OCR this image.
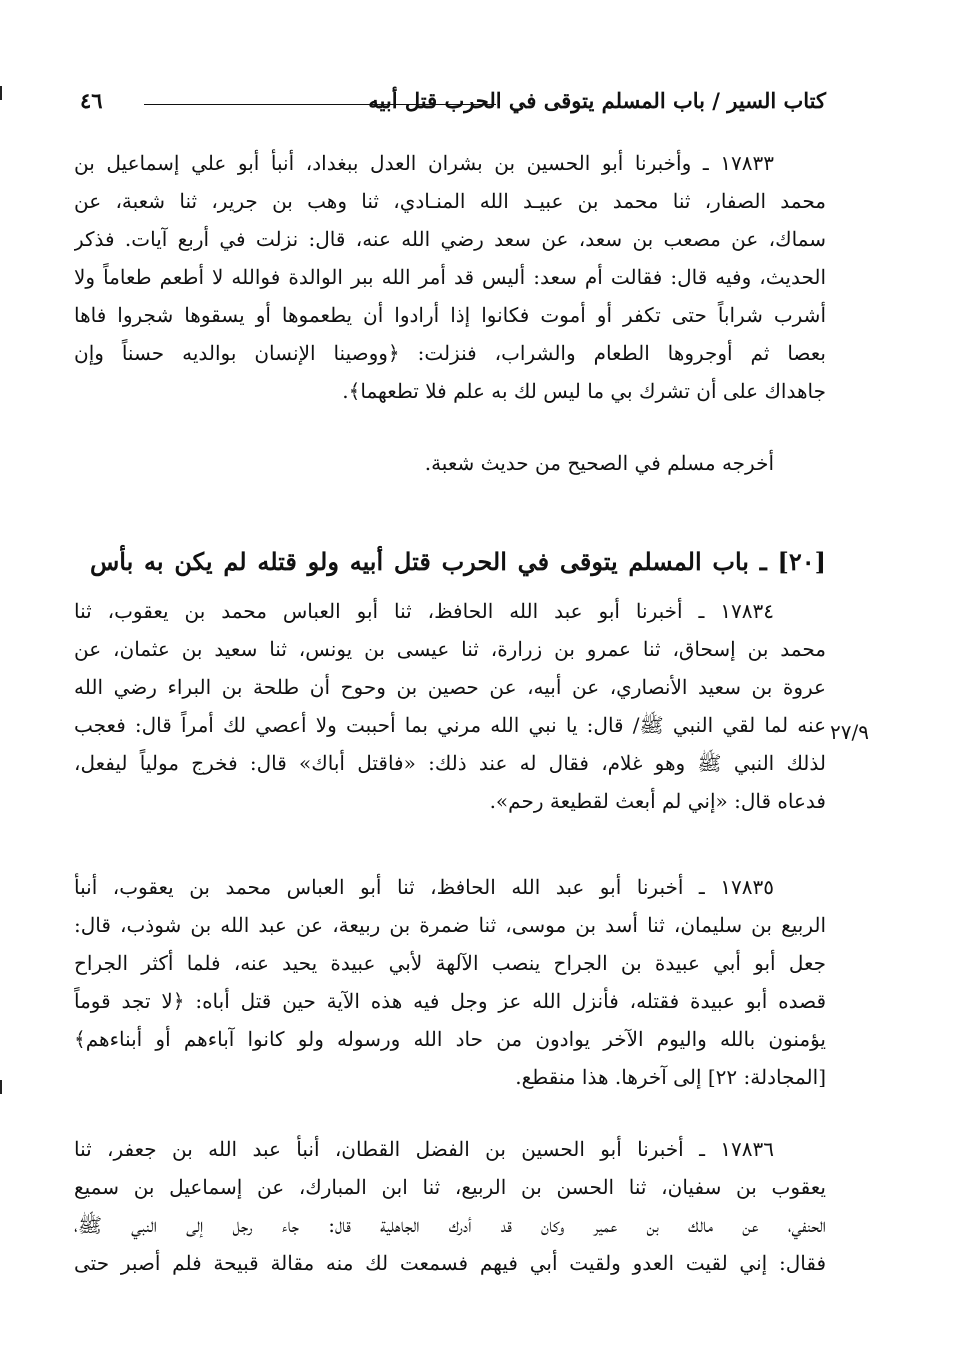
كتاب السير / باب المسلم يتوقى في الحرب قتل أبيه
٤٦
١٧٨٣٣ ـ وأخبرنا أبو الحسين بن بشران العدل ببغداد، أنبأ أبو علي إسماعيل بن
محمد الصفار، ثنا محمد بن عبيـد الله المنـادي، ثنا وهب بن جرير، ثنا شعبة، عن
سماك، عن مصعب بن سعد، عن سعد رضي الله عنه، قال: نزلت في أربع آيات. فذكر
الحديث، وفيه قال: فقالت أم سعد: أليس قد أمر الله ببر الوالدة فوالله لا أطعم طعاماً ولا
أشرب شراباً حتى تكفر أو أموت فكانوا إذا أرادوا أن يطعموها أو يسقوها شجروا فاها
بعصا ثم أوجروها الطعام والشراب، فنزلت: ﴿ووصينا الإنسان بوالديه حسناً وإن
جاهداك على أن تشرك بي ما ليس لك به علم فلا تطعهما﴾.
أخرجه مسلم في الصحيح من حديث شعبة.
[٢٠] ـ باب المسلم يتوقى في الحرب قتل أبيه ولو قتله لم يكن به بأس
١٧٨٣٤ ـ أخبرنا أبو عبد الله الحافظ، ثنا أبو العباس محمد بن يعقوب، ثنا
محمد بن إسحاق، ثنا عمرو بن زرارة، ثنا عيسى بن يونس، ثنا سعيد بن عثمان، عن
عروة بن سعيد الأنصاري، عن أبيه، عن حصين بن وحوح أن طلحة بن البراء رضي الله
عنه لما لقي النبي ﷺ/ قال: يا نبي الله مرني بما أحببت ولا أعصي لك أمراً قال: فعجب
لذلك النبي ﷺ وهو غلام، فقال له عند ذلك: «فاقتل أباك» قال: فخرج مولياً ليفعل،
فدعاه قال: «إني لم أبعث لقطيعة رحم».
٢٧/٩
١٧٨٣٥ ـ أخبرنا أبو عبد الله الحافظ، ثنا أبو العباس محمد بن يعقوب، أنبأ
الربيع بن سليمان، ثنا أسد بن موسى، ثنا ضمرة بن ربيعة، عن عبد الله بن شوذب، قال:
جعل أبو أبي عبيدة بن الجراح ينصب الآلهة لأبي عبيدة يحيد عنه، فلما أكثر الجراح
قصده أبو عبيدة فقتله، فأنزل الله عز وجل فيه هذه الآية حين قتل أباه: ﴿لا تجد قوماً
يؤمنون بالله واليوم الآخر يوادون من حاد الله ورسوله ولو كانوا آباءهم أو أبناءهم﴾
[المجادلة: ٢٢] إلى آخرها. هذا منقطع.
١٧٨٣٦ ـ أخبرنا أبو الحسين بن الفضل القطان، أنبأ عبد الله بن جعفر، ثنا
يعقوب بن سفيان، ثنا الحسن بن الربيع، ثنا ابن المبارك، عن إسماعيل بن سميع
الحنفي، عن مالك بن عمير وكان قد أدرك الجاهلية قال: جاء رجل إلى النبي ﷺ،
فقال: إني لقيت العدو ولقيت أبي فيهم فسمعت لك منه مقالة قبيحة فلم أصبر حتى
